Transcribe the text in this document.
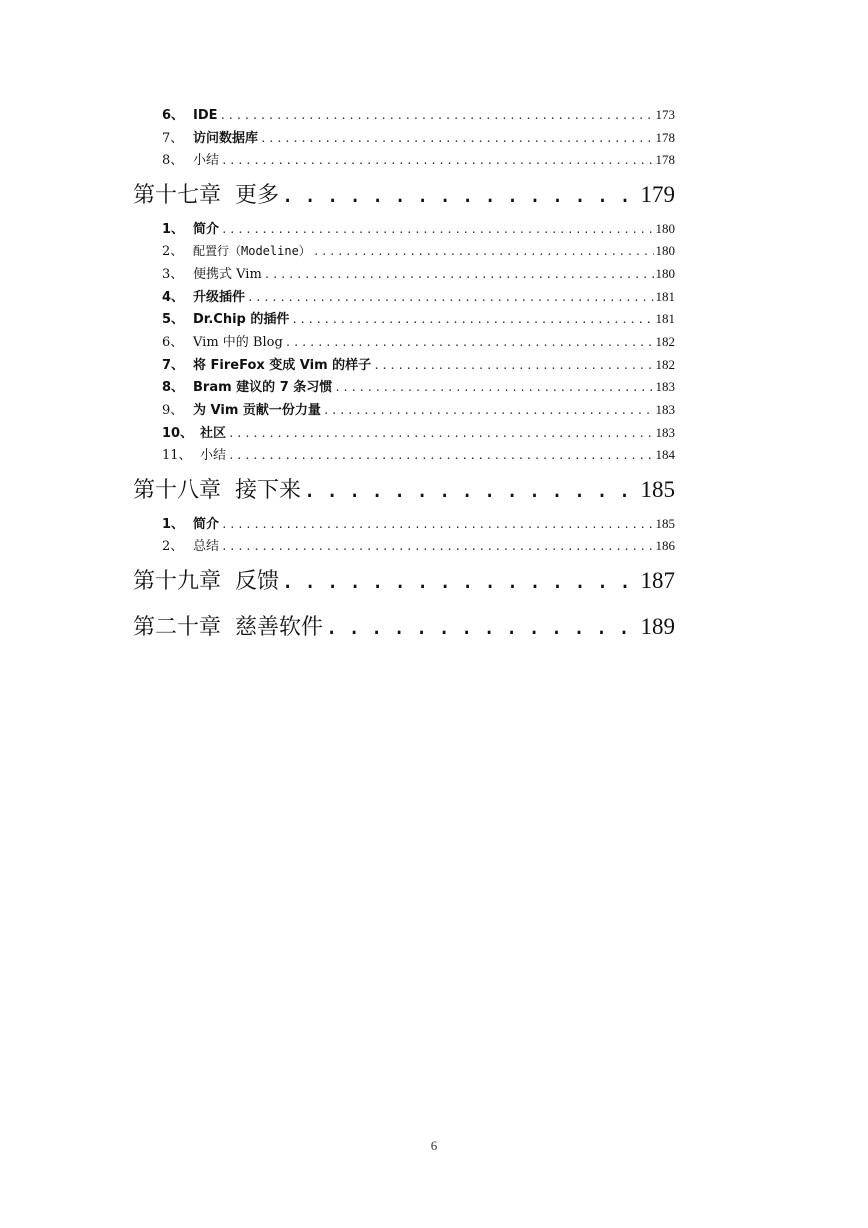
6、 IDE . . .	173
7、 访问数据库 . . .	178
8、 小结 . . .	178
第十七章 更多 . . .	179
1、 简介 . . .	180
2、 配置行（Modeline） . . .	180
3、 便携式 Vim . . .	180
4、 升级插件 . . .	181
5、 Dr.Chip 的插件 . . .	181
6、 Vim 中的 Blog . . .	182
7、 将 FireFox 变成 Vim 的样子 . . .	182
8、 Bram 建议的 7 条习惯 . . .	183
9、 为 Vim 贡献一份力量 . . .	183
10、 社区 . . .	183
11、 小结 . . .	184
第十八章 接下来 . . .	185
1、 简介 . . .	185
2、 总结 . . .	186
第十九章 反馈 . . .	187
第二十章 慈善软件 . . .	189
6
